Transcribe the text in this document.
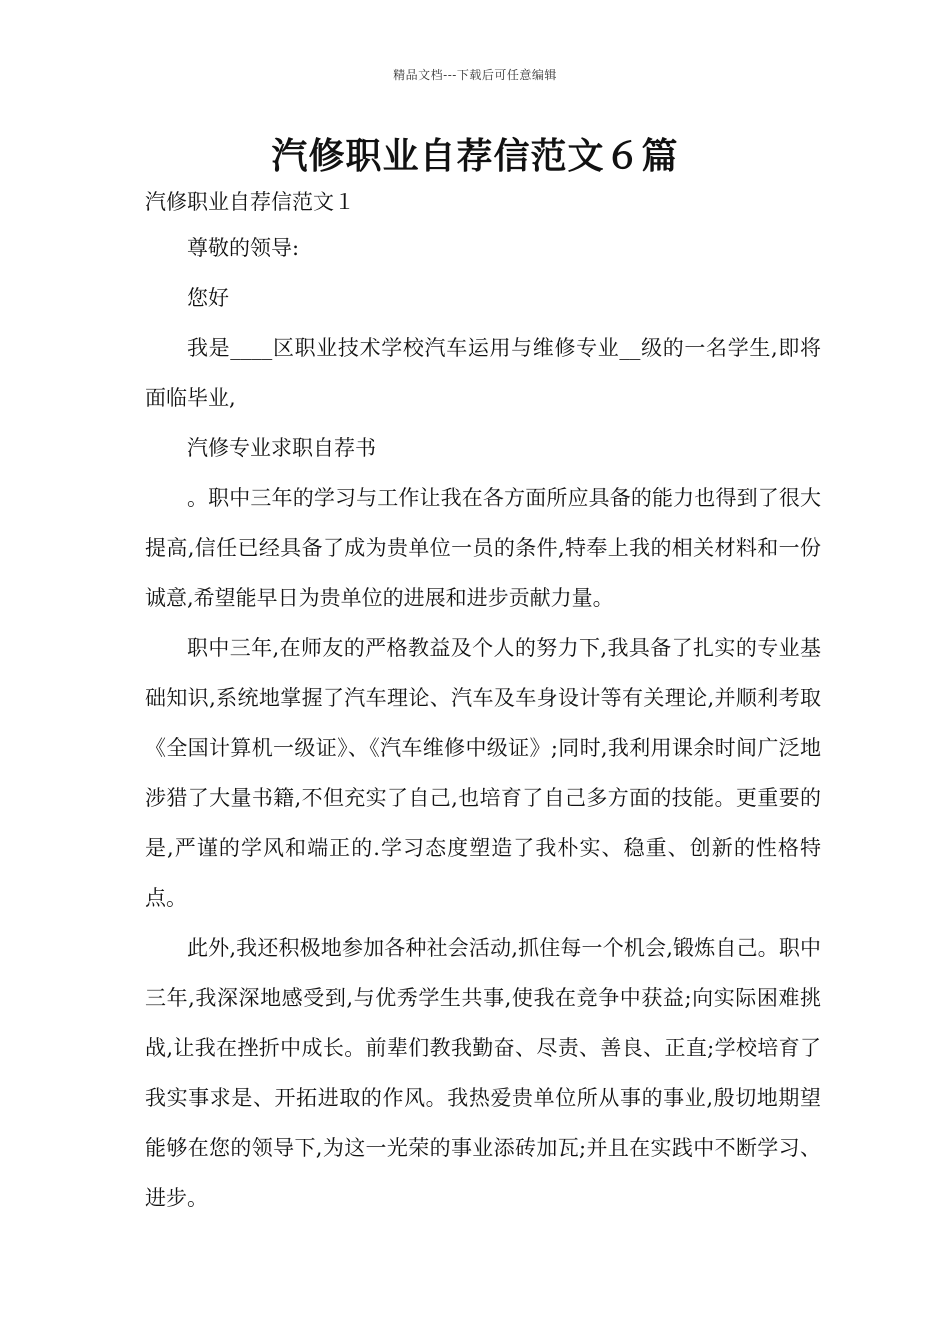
精品文档---下载后可任意编辑
汽修职业自荐信范文６篇
汽修职业自荐信范文１

尊敬的领导:

您好

我是____区职业技术学校汽车运用与维修专业__级的一名学生,即将面临毕业,

汽修专业求职自荐书

。职中三年的学习与工作让我在各方面所应具备的能力也得到了很大提高,信任已经具备了成为贵单位一员的条件,特奉上我的相关材料和一份诚意,希望能早日为贵单位的进展和进步贡献力量。

职中三年,在师友的严格教益及个人的努力下,我具备了扎实的专业基础知识,系统地掌握了汽车理论、汽车及车身设计等有关理论,并顺利考取《全国计算机一级证》、《汽车维修中级证》;同时,我利用课余时间广泛地涉猎了大量书籍,不但充实了自己,也培育了自己多方面的技能。更重要的是,严谨的学风和端正的.学习态度塑造了我朴实、稳重、创新的性格特点。

此外,我还积极地参加各种社会活动,抓住每一个机会,锻炼自己。职中三年,我深深地感受到,与优秀学生共事,使我在竞争中获益;向实际困难挑战,让我在挫折中成长。前辈们教我勤奋、尽责、善良、正直;学校培育了我实事求是、开拓进取的作风。我热爱贵单位所从事的事业,殷切地期望能够在您的领导下,为这一光荣的事业添砖加瓦;并且在实践中不断学习、进步。
